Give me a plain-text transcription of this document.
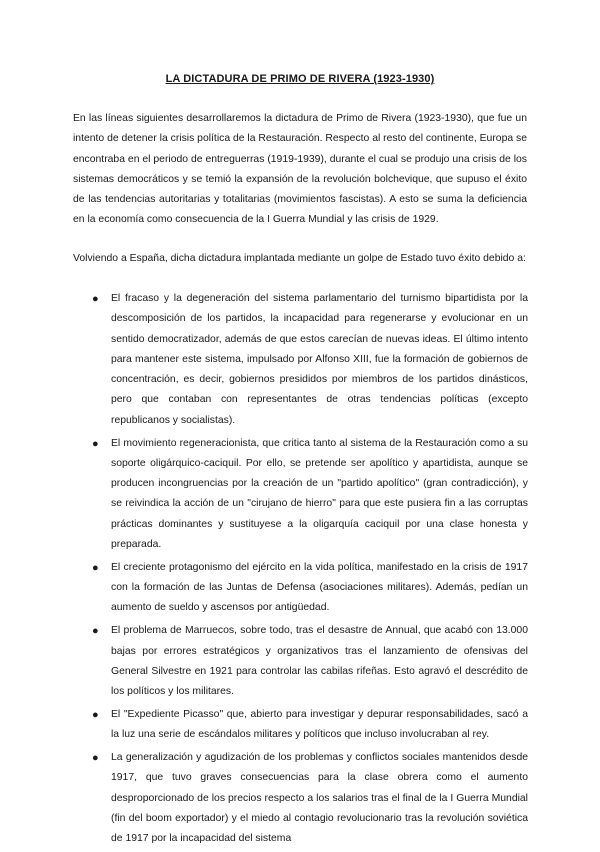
LA DICTADURA DE PRIMO DE RIVERA (1923-1930)

En las líneas siguientes desarrollaremos la dictadura de Primo de Rivera (1923-1930), que fue un intento de detener la crisis política de la Restauración. Respecto al resto del continente, Europa se encontraba en el periodo de entreguerras (1919-1939), durante el cual se produjo una crisis de los sistemas democráticos y se temió la expansión de la revolución bolchevique, que supuso el éxito de las tendencias autoritarias y totalitarias (movimientos fascistas). A esto se suma la deficiencia en la economía como consecuencia de la I Guerra Mundial y las crisis de 1929.

Volviendo a España, dicha dictadura implantada mediante un golpe de Estado tuvo éxito debido a:

●	El fracaso y la degeneración del sistema parlamentario del turnismo bipartidista por la descomposición de los partidos, la incapacidad para regenerarse y evolucionar en un sentido democratizador, además de que estos carecían de nuevas ideas. El último intento para mantener este sistema, impulsado por Alfonso XIII, fue la formación de gobiernos de concentración, es decir, gobiernos presididos por miembros de los partidos dinásticos, pero que contaban con representantes de otras tendencias políticas (excepto republicanos y socialistas).
●	El movimiento regeneracionista, que critica tanto al sistema de la Restauración como a su soporte oligárquico-caciquil. Por ello, se pretende ser apolítico y apartidista, aunque se producen incongruencias por la creación de un "partido apolítico" (gran contradicción), y se reivindica la acción de un "cirujano de hierro" para que este pusiera fin a las corruptas prácticas dominantes y sustituyese a la oligarquía caciquil por una clase honesta y preparada.
●	El creciente protagonismo del ejército en la vida política, manifestado en la crisis de 1917 con la formación de las Juntas de Defensa (asociaciones militares). Además, pedían un aumento de sueldo y ascensos por antigüedad.
●	El problema de Marruecos, sobre todo, tras el desastre de Annual, que acabó con 13.000 bajas por errores estratégicos y organizativos tras el lanzamiento de ofensivas del General Silvestre en 1921 para controlar las cabilas rifeñas. Esto agravó el descrédito de los políticos y los militares.
●	El "Expediente Picasso" que, abierto para investigar y depurar responsabilidades, sacó a la luz una serie de escándalos militares y políticos que incluso involucraban al rey.
●	La generalización y agudización de los problemas y conflictos sociales mantenidos desde 1917, que tuvo graves consecuencias para la clase obrera como el aumento desproporcionado de los precios respecto a los salarios tras el final de la I Guerra Mundial (fin del boom exportador) y el miedo al contagio revolucionario tras la revolución soviética de 1917 por la incapacidad del sistema
